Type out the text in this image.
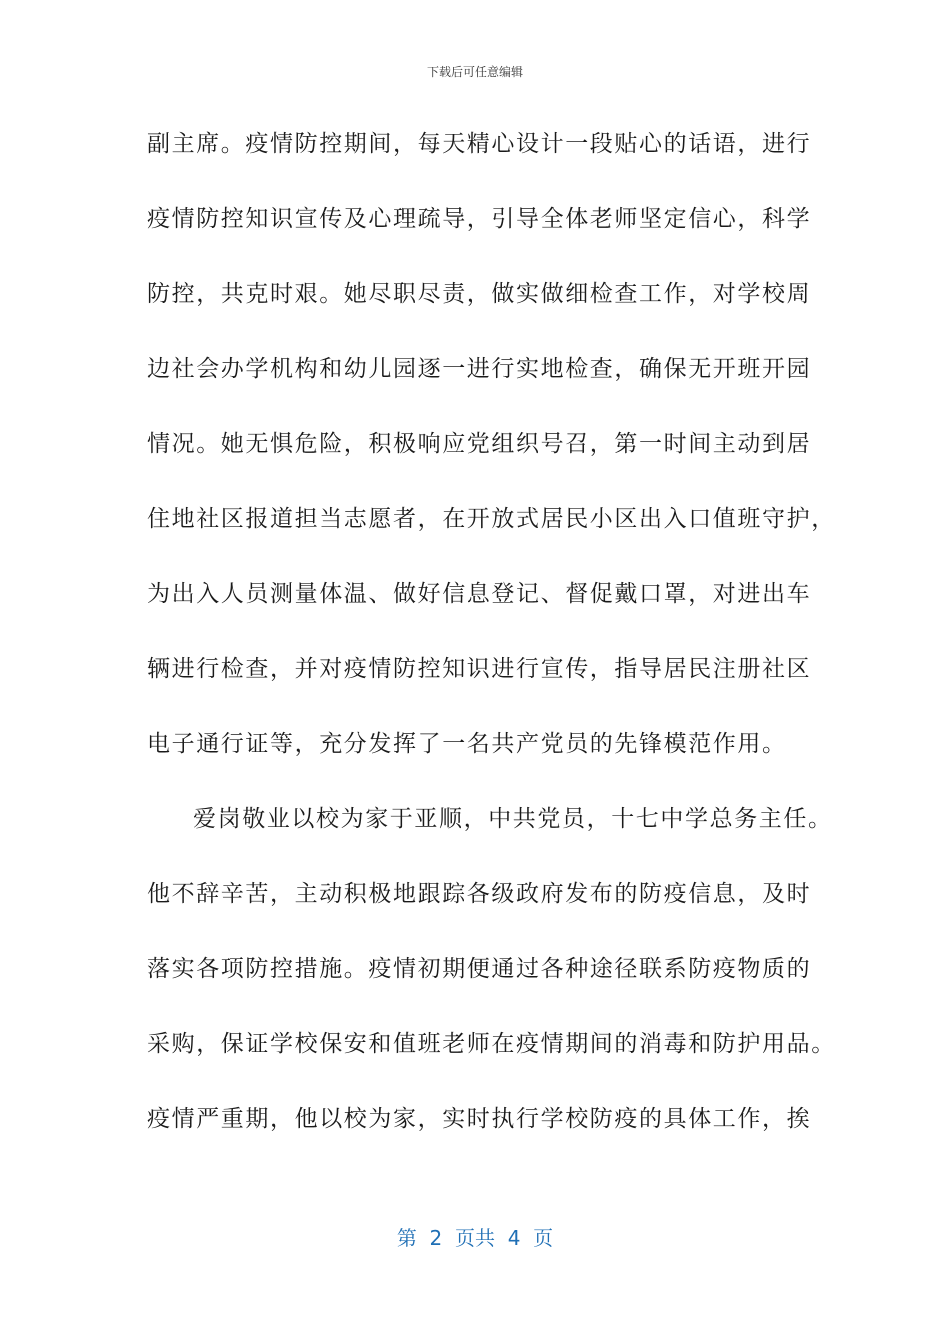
下载后可任意编辑
副主席。疫情防控期间，每天精心设计一段贴心的话语，进行
疫情防控知识宣传及心理疏导，引导全体老师坚定信心，科学
防控，共克时艰。她尽职尽责，做实做细检查工作，对学校周
边社会办学机构和幼儿园逐一进行实地检查，确保无开班开园
情况。她无惧危险，积极响应党组织号召，第一时间主动到居
住地社区报道担当志愿者，在开放式居民小区出入口值班守护，
为出入人员测量体温、做好信息登记、督促戴口罩，对进出车
辆进行检查，并对疫情防控知识进行宣传，指导居民注册社区
电子通行证等，充分发挥了一名共产党员的先锋模范作用。
爱岗敬业以校为家于亚顺，中共党员，十七中学总务主任。
他不辞辛苦，主动积极地跟踪各级政府发布的防疫信息，及时
落实各项防控措施。疫情初期便通过各种途径联系防疫物质的
采购，保证学校保安和值班老师在疫情期间的消毒和防护用品。
疫情严重期，他以校为家，实时执行学校防疫的具体工作，挨
第  2  页共  4  页
